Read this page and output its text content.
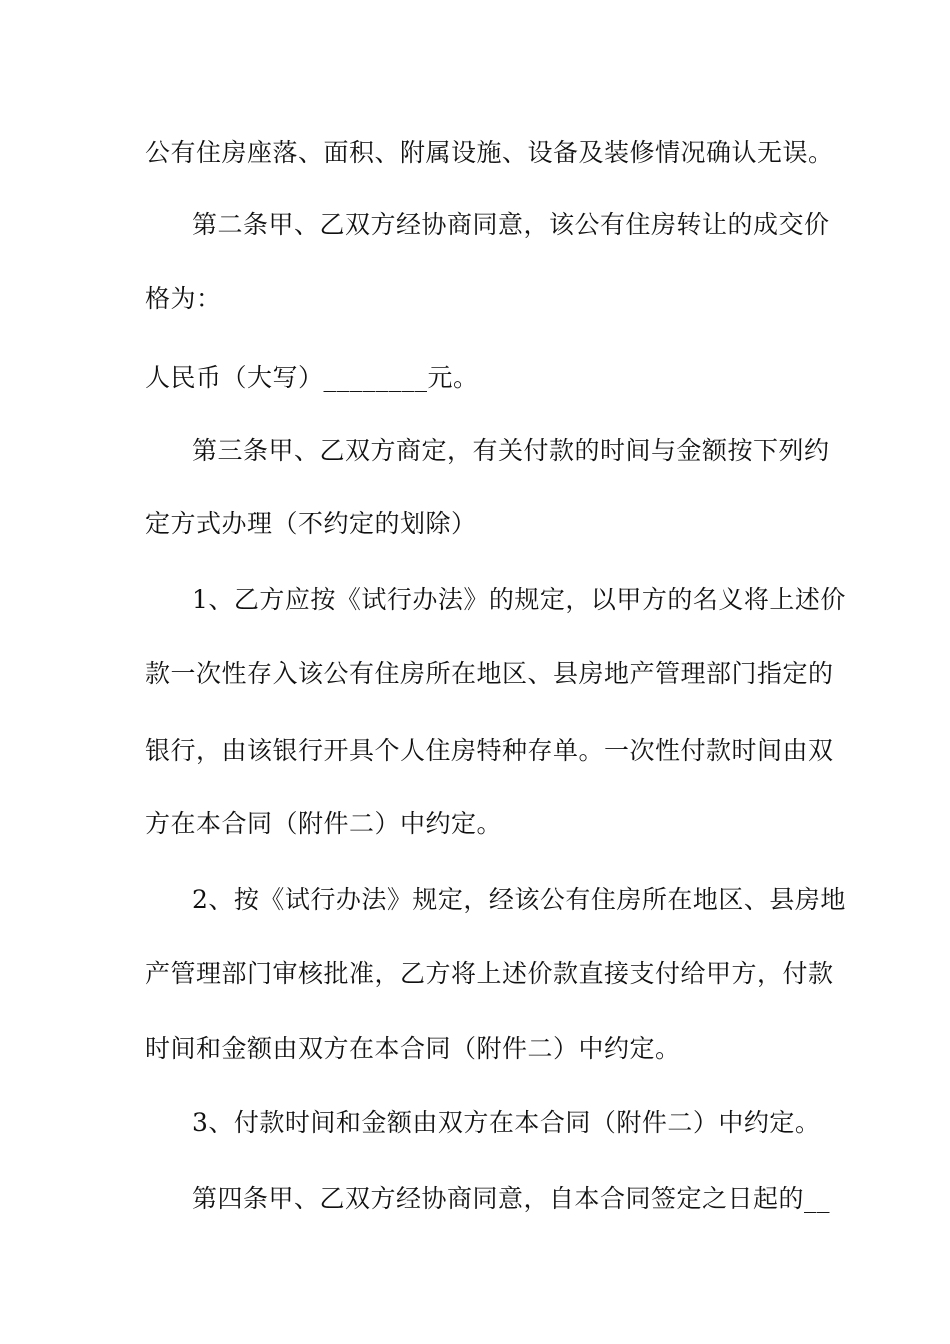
公有住房座落、面积、附属设施、设备及装修情况确认无误。
第二条甲、乙双方经协商同意，该公有住房转让的成交价
格为：
人民币（大写）________元。
第三条甲、乙双方商定，有关付款的时间与金额按下列约
定方式办理（不约定的划除）
1、乙方应按《试行办法》的规定，以甲方的名义将上述价
款一次性存入该公有住房所在地区、县房地产管理部门指定的
银行，由该银行开具个人住房特种存单。一次性付款时间由双
方在本合同（附件二）中约定。
2、按《试行办法》规定，经该公有住房所在地区、县房地
产管理部门审核批准，乙方将上述价款直接支付给甲方，付款
时间和金额由双方在本合同（附件二）中约定。
3、付款时间和金额由双方在本合同（附件二）中约定。
第四条甲、乙双方经协商同意，自本合同签定之日起的__
